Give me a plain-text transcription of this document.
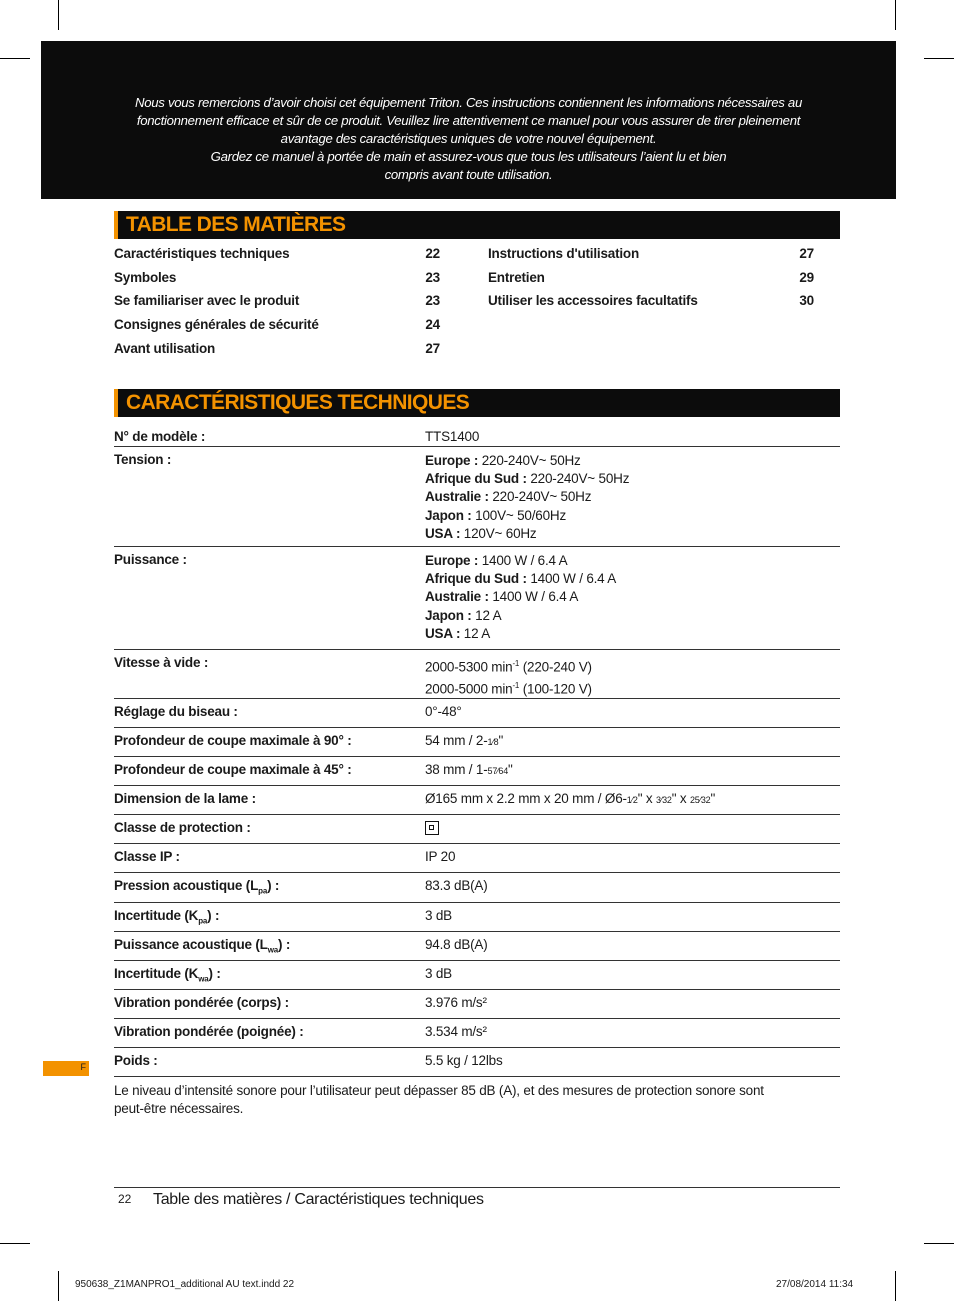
Nous vous remercions d’avoir choisi cet équipement Triton. Ces instructions contiennent les informations nécessaires au
fonctionnement efficace et sûr de ce produit. Veuillez lire attentivement ce manuel pour vous assurer de tirer pleinement
avantage des caractéristiques uniques de votre nouvel équipement.
Gardez ce manuel à portée de main et assurez-vous que tous les utilisateurs l’aient lu et bien
compris avant toute utilisation.
TABLE DES MATIÈRES
Caractéristiques techniques	22
Symboles	23
Se familiariser avec le produit	23
Consignes générales de sécurité	24
Avant utilisation	27
Instructions d'utilisation	27
Entretien	29
Utiliser les accessoires facultatifs	30
CARACTÉRISTIQUES TECHNIQUES
N° de modèle :	TTS1400
Tension :	Europe : 220-240V~ 50Hz
Afrique du Sud : 220-240V~ 50Hz
Australie : 220-240V~ 50Hz
Japon : 100V~ 50/60Hz
USA : 120V~ 60Hz
Puissance :	Europe : 1400 W / 6.4 A
Afrique du Sud : 1400 W / 6.4 A
Australie : 1400 W / 6.4 A
Japon : 12 A
USA : 12 A
Vitesse à vide :	2000-5300 $\min^{-1} (220-240$ V)
2000-5000 $\min^{-1} (100-120$ V)
Réglage du biseau :	0°-48°
Profondeur de coupe maximale à 90° :	54 mm / 2-1⁄8"
Profondeur de coupe maximale à 45° :	38 mm / 1-57⁄64"
Dimension de la lame :	Ø165 mm x 2.2 mm x 20 mm / Ø6-1⁄2" x 3⁄32" x 25⁄32"
Classe de protection :
Classe IP :	IP 20
Pression acoustique $(L_{pa})$ :	83.3 dB(A)
Incertitude $(K_{pa})$ :	3 dB
Puissance acoustique $(L_{wa})$ :	94.8 dB(A)
Incertitude $(K_{wa})$ :	3 dB
Vibration pondérée (corps) :	3.976 m/s²
Vibration pondérée (poignée) :	3.534 m/s²
Poids :	5.5 kg / 12lbs
F
Le niveau d’intensité sonore pour l’utilisateur peut dépasser 85 dB (A), et des mesures de protection sonore sont
peut-être nécessaires.
22 Table des matières / Caractéristiques techniques
950638_Z1MANPRO1_additional AU text.indd 22	27/08/2014 11:34
